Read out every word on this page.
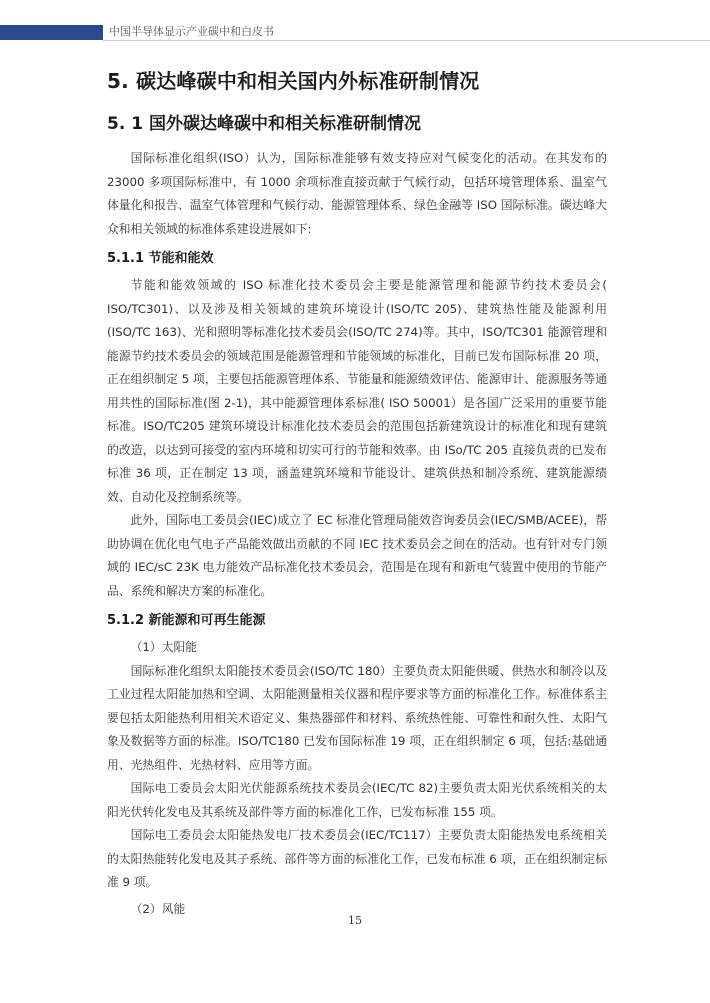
中国半导体显示产业碳中和白皮书
5. 碳达峰碳中和相关国内外标准研制情况
5. 1 国外碳达峰碳中和相关标准研制情况

国际标准化组织(ISO）认为，国际标准能够有效支持应对气候变化的活动。在其发布的 23000 多项国际标准中，有 1000 余项标准直接贡献于气候行动，包括环境管理体系、温室气体量化和报告、温室气体管理和气候行动、能源管理体系、绿色金融等 ISO 国际标准。碳达峰大众和相关领域的标准体系建设进展如下:

5.1.1 节能和能效

节能和能效领域的 ISO 标准化技术委员会主要是能源管理和能源节约技术委员会( ISO/TC301)、以及涉及相关领域的建筑环境设计(ISO/TC 205)、建筑热性能及能源利用(ISO/TC 163)、光和照明等标准化技术委员会(ISO/TC 274)等。其中，ISO/TC301 能源管理和能源节约技术委员会的领域范围是能源管理和节能领域的标准化，目前已发布国际标准 20 项，正在组织制定 5 项，主要包括能源管理体系、节能量和能源绩效评估、能源审计、能源服务等通用共性的国际标准(图 2-1)，其中能源管理体系标准( ISO 50001）是各国广泛采用的重要节能标准。ISO/TC205 建筑环境设计标准化技术委员会的范围包括新建筑设计的标准化和现有建筑的改造，以达到可接受的室内环境和切实可行的节能和效率。由 ISo/TC 205 直接负责的已发布标准 36 项，正在制定 13 项，涵盖建筑环境和节能设计、建筑供热和制冷系统、建筑能源绩效、自动化及控制系统等。

此外，国际电工委员会(IEC)成立了 EC 标准化管理局能效咨询委员会(IEC/SMB/ACEE)，帮助协调在优化电气电子产品能效做出贡献的不同 IEC 技术委员会之间在的活动。也有针对专门领域的 IEC/sC 23K 电力能效产品标准化技术委员会，范围是在现有和新电气装置中使用的节能产品、系统和解决方案的标准化。

5.1.2 新能源和可再生能源

（1）太阳能

国际标准化组织太阳能技术委员会(ISO/TC 180）主要负责太阳能供暖、供热水和制冷以及工业过程太阳能加热和空调、太阳能测量相关仪器和程序要求等方面的标准化工作。标准体系主要包括太阳能热利用相关术语定义、集热器部件和材料、系统热性能、可靠性和耐久性、太阳气象及数据等方面的标准。ISO/TC180 已发布国际标准 19 项，正在组织制定 6 项，包括:基础通用、光热组件、光热材料、应用等方面。

国际电工委员会太阳光伏能源系统技术委员会(IEC/TC 82)主要负责太阳光伏系统相关的太阳光伏转化发电及其系统及部件等方面的标准化工作，已发布标准 155 项。

国际电工委员会太阳能热发电厂技术委员会(IEC/TC117）主要负责太阳能热发电系统相关的太阳热能转化发电及其子系统、部件等方面的标准化工作，已发布标准 6 项，正在组织制定标准 9 项。

（2）风能

15
